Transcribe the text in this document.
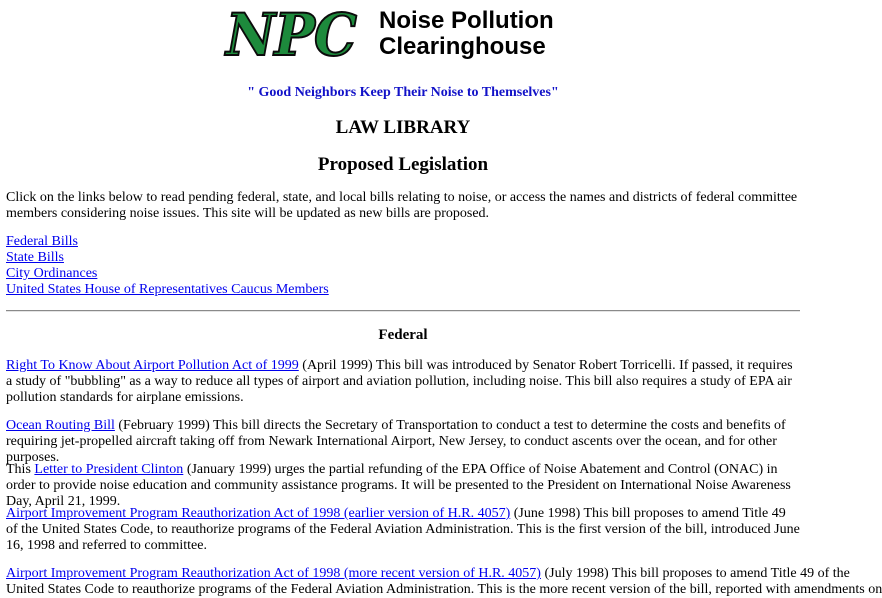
NPC Noise Pollution
Clearinghouse
" Good Neighbors Keep Their Noise to Themselves"
LAW LIBRARY
Proposed Legislation

Click on the links below to read pending federal, state, and local bills relating to noise, or access the names and districts of federal committee members considering noise issues. This site will be updated as new bills are proposed.

Federal Bills
State Bills
City Ordinances
United States House of Representatives Caucus Members
Federal

Right To Know About Airport Pollution Act of 1999 (April 1999) This bill was introduced by Senator Robert Torricelli. If passed, it requires a study of "bubbling" as a way to reduce all types of airport and aviation pollution, including noise. This bill also requires a study of EPA air pollution standards for airplane emissions.

Ocean Routing Bill (February 1999) This bill directs the Secretary of Transportation to conduct a test to determine the costs and benefits of requiring jet-propelled aircraft taking off from Newark International Airport, New Jersey, to conduct ascents over the ocean, and for other purposes.

This Letter to President Clinton (January 1999) urges the partial refunding of the EPA Office of Noise Abatement and Control (ONAC) in order to provide noise education and community assistance programs. It will be presented to the President on International Noise Awareness Day, April 21, 1999.

Airport Improvement Program Reauthorization Act of 1998 (earlier version of H.R. 4057) (June 1998) This bill proposes to amend Title 49 of the United States Code, to reauthorize programs of the Federal Aviation Administration. This is the first version of the bill, introduced June 16, 1998 and referred to committee.

Airport Improvement Program Reauthorization Act of 1998 (more recent version of H.R. 4057) (July 1998) This bill proposes to amend Title 49 of the
United States Code to reauthorize programs of the Federal Aviation Administration. This is the more recent version of the bill, reported with amendments on
